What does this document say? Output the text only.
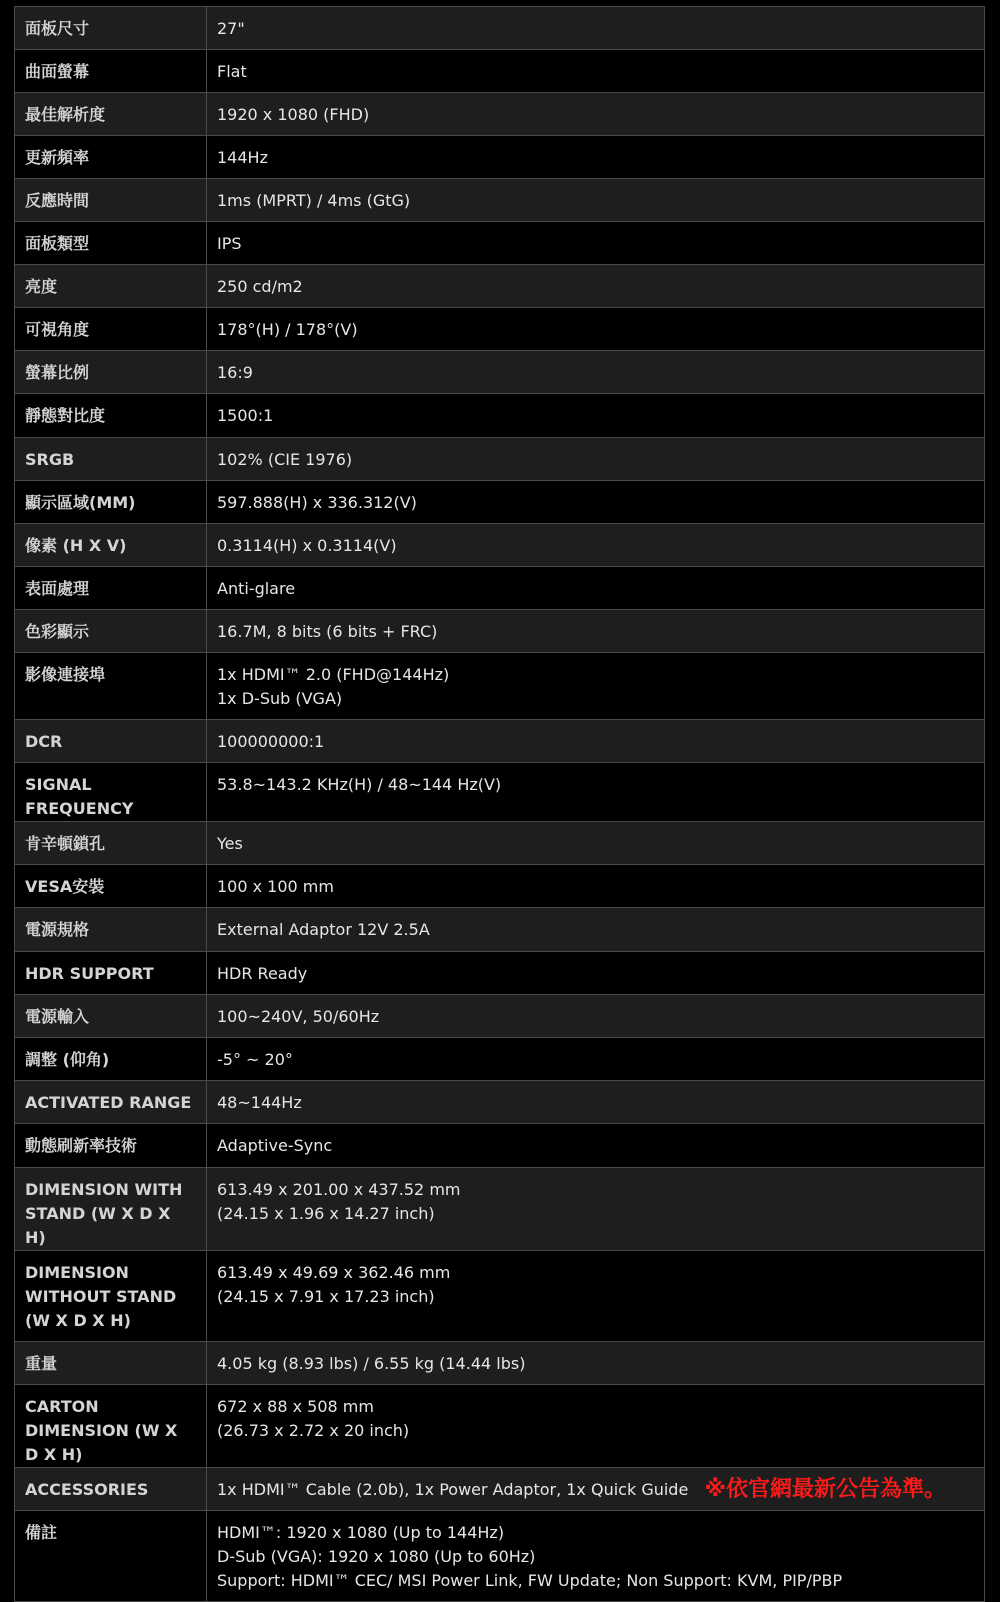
面板尺寸	27"

曲面螢幕	Flat

最佳解析度	1920 x 1080 (FHD)

更新頻率	144Hz

反應時間	1ms (MPRT) / 4ms (GtG)

面板類型	IPS

亮度	250 cd/m2

可視角度	178°(H) / 178°(V)

螢幕比例	16:9

靜態對比度	1500:1

SRGB	102% (CIE 1976)

顯示區域(MM)	597.888(H) x 336.312(V)

像素 (H X V)	0.3114(H) x 0.3114(V)

表面處理	Anti-glare

色彩顯示	16.7M, 8 bits (6 bits + FRC)

影像連接埠	1x HDMI™ 2.0 (FHD@144Hz)
1x D-Sub (VGA)

DCR	100000000:1

SIGNAL FREQUENCY	53.8~143.2 KHz(H) / 48~144 Hz(V)

肯辛頓鎖孔	Yes

VESA安裝	100 x 100 mm

電源規格	External Adaptor 12V 2.5A

HDR SUPPORT	HDR Ready

電源輸入	100~240V, 50/60Hz

調整 (仰角)	-5° ~ 20°

ACTIVATED RANGE	48~144Hz

動態刷新率技術	Adaptive-Sync

DIMENSION WITH STAND (W X D X H)	613.49 x 201.00 x 437.52 mm
(24.15 x 1.96 x 14.27 inch)

DIMENSION WITHOUT STAND (W X D X H)	613.49 x 49.69 x 362.46 mm
(24.15 x 7.91 x 17.23 inch)

重量	4.05 kg (8.93 lbs) / 6.55 kg (14.44 lbs)

CARTON DIMENSION (W X D X H)	672 x 88 x 508 mm
(26.73 x 2.72 x 20 inch)

ACCESSORIES	1x HDMI™ Cable (2.0b), 1x Power Adaptor, 1x Quick Guide ※依官網最新公告為準。

備註	HDMI™: 1920 x 1080 (Up to 144Hz)
D-Sub (VGA): 1920 x 1080 (Up to 60Hz)
Support: HDMI™ CEC/ MSI Power Link, FW Update; Non Support: KVM, PIP/PBP
